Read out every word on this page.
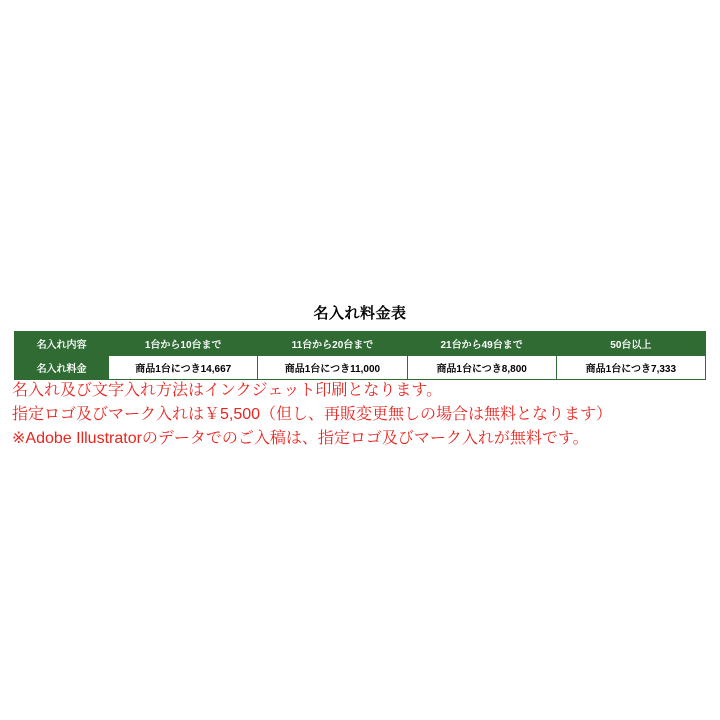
名入れ料金表
名入れ内容	1台から10台まで	11台から20台まで	21台から49台まで	50台以上
名入れ料金	商品1台につき14,667	商品1台につき11,000	商品1台につき8,800	商品1台につき7,333
名入れ及び文字入れ方法はインクジェット印刷となります。
指定ロゴ及びマーク入れは￥5,500（但し、再販変更無しの場合は無料となります）
※Adobe Illustratorのデータでのご入稿は、指定ロゴ及びマーク入れが無料です。
